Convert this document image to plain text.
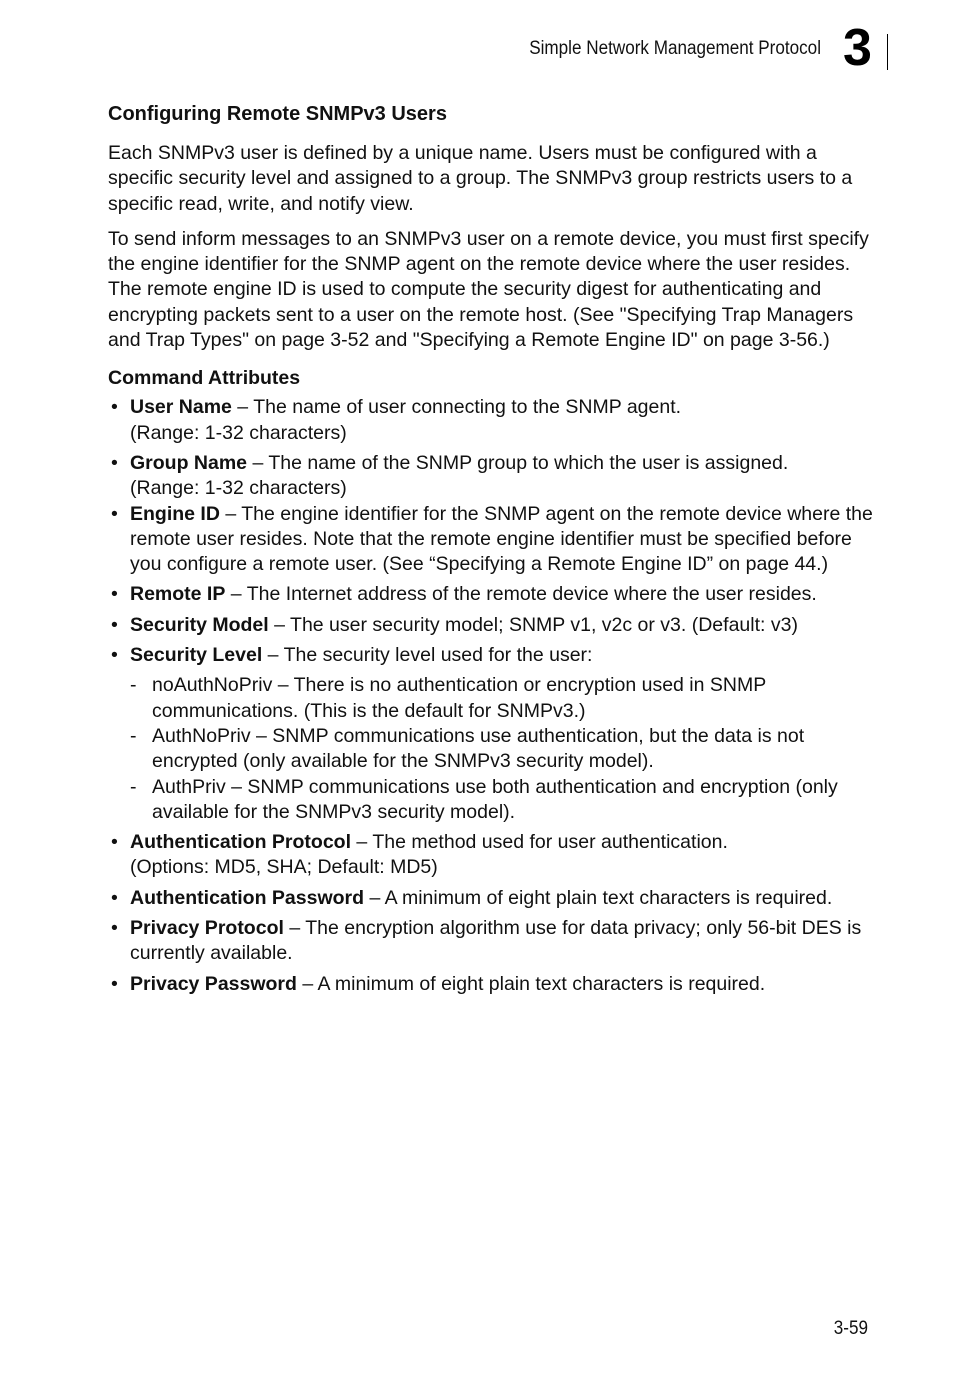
Simple Network Management Protocol 3
Configuring Remote SNMPv3 Users

Each SNMPv3 user is defined by a unique name. Users must be configured with a specific security level and assigned to a group. The SNMPv3 group restricts users to a specific read, write, and notify view.

To send inform messages to an SNMPv3 user on a remote device, you must first specify the engine identifier for the SNMP agent on the remote device where the user resides. The remote engine ID is used to compute the security digest for authenticating and encrypting packets sent to a user on the remote host. (See "Specifying Trap Managers and Trap Types" on page 3-52 and "Specifying a Remote Engine ID" on page 3-56.)

Command Attributes
• User Name – The name of user connecting to the SNMP agent.
(Range: 1-32 characters)
• Group Name – The name of the SNMP group to which the user is assigned.
(Range: 1-32 characters)
• Engine ID – The engine identifier for the SNMP agent on the remote device where the remote user resides. Note that the remote engine identifier must be specified before you configure a remote user. (See “Specifying a Remote Engine ID” on page 44.)
• Remote IP – The Internet address of the remote device where the user resides.
• Security Model – The user security model; SNMP v1, v2c or v3. (Default: v3)
• Security Level – The security level used for the user:
- noAuthNoPriv – There is no authentication or encryption used in SNMP communications. (This is the default for SNMPv3.)
- AuthNoPriv – SNMP communications use authentication, but the data is not encrypted (only available for the SNMPv3 security model).
- AuthPriv – SNMP communications use both authentication and encryption (only available for the SNMPv3 security model).
• Authentication Protocol – The method used for user authentication.
(Options: MD5, SHA; Default: MD5)
• Authentication Password – A minimum of eight plain text characters is required.
• Privacy Protocol – The encryption algorithm use for data privacy; only 56-bit DES is currently available.
• Privacy Password – A minimum of eight plain text characters is required.
3-59
